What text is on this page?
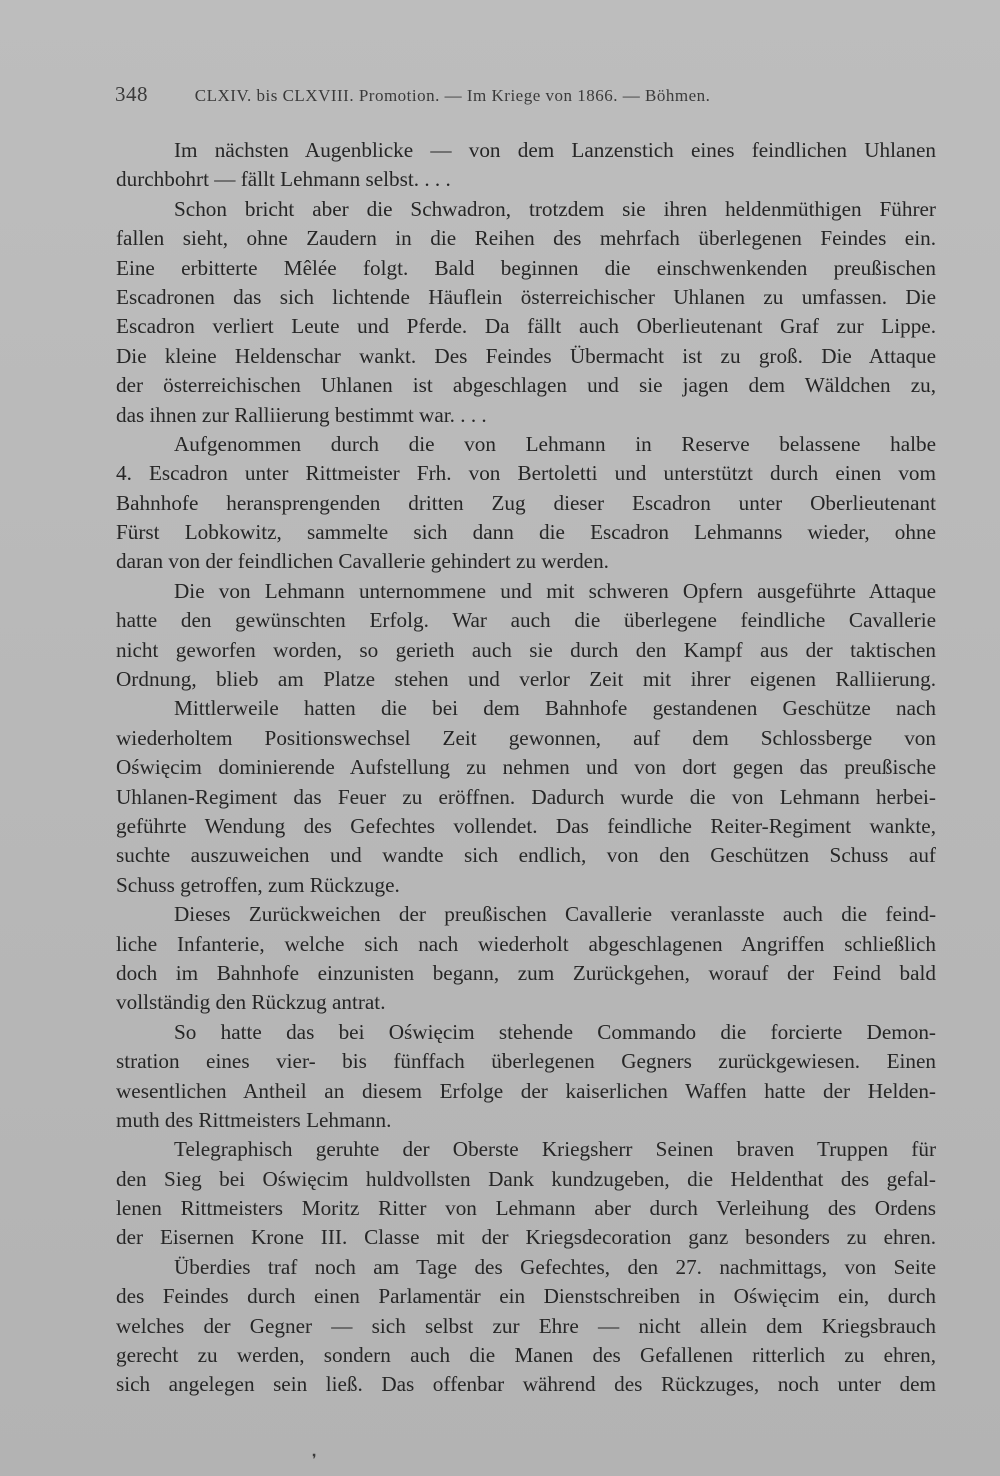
348	CLXIV. bis CLXVIII. Promotion. — Im Kriege von 1866. — Böhmen.
Im nächsten Augenblicke — von dem Lanzenstich eines feindlichen Uhlanen
durchbohrt — fällt Lehmann selbst. . . .
Schon bricht aber die Schwadron, trotzdem sie ihren heldenmüthigen Führer
fallen sieht, ohne Zaudern in die Reihen des mehrfach überlegenen Feindes ein.
Eine erbitterte Mêlée folgt. Bald beginnen die einschwenkenden preußischen
Escadronen das sich lichtende Häuflein österreichischer Uhlanen zu umfassen. Die
Escadron verliert Leute und Pferde. Da fällt auch Oberlieutenant Graf zur Lippe.
Die kleine Heldenschar wankt. Des Feindes Übermacht ist zu groß. Die Attaque
der österreichischen Uhlanen ist abgeschlagen und sie jagen dem Wäldchen zu,
das ihnen zur Ralliierung bestimmt war. . . .
Aufgenommen durch die von Lehmann in Reserve belassene halbe
4. Escadron unter Rittmeister Frh. von Bertoletti und unterstützt durch einen vom
Bahnhofe heransprengenden dritten Zug dieser Escadron unter Oberlieutenant
Fürst Lobkowitz, sammelte sich dann die Escadron Lehmanns wieder, ohne
daran von der feindlichen Cavallerie gehindert zu werden.
Die von Lehmann unternommene und mit schweren Opfern ausgeführte Attaque
hatte den gewünschten Erfolg. War auch die überlegene feindliche Cavallerie
nicht geworfen worden, so gerieth auch sie durch den Kampf aus der taktischen
Ordnung, blieb am Platze stehen und verlor Zeit mit ihrer eigenen Ralliierung.
Mittlerweile hatten die bei dem Bahnhofe gestandenen Geschütze nach
wiederholtem Positionswechsel Zeit gewonnen, auf dem Schlossberge von
Oświęcim dominierende Aufstellung zu nehmen und von dort gegen das preußische
Uhlanen-Regiment das Feuer zu eröffnen. Dadurch wurde die von Lehmann herbei-
geführte Wendung des Gefechtes vollendet. Das feindliche Reiter-Regiment wankte,
suchte auszuweichen und wandte sich endlich, von den Geschützen Schuss auf
Schuss getroffen, zum Rückzuge.
Dieses Zurückweichen der preußischen Cavallerie veranlasste auch die feind-
liche Infanterie, welche sich nach wiederholt abgeschlagenen Angriffen schließlich
doch im Bahnhofe einzunisten begann, zum Zurückgehen, worauf der Feind bald
vollständig den Rückzug antrat.
So hatte das bei Oświęcim stehende Commando die forcierte Demon-
stration eines vier- bis fünffach überlegenen Gegners zurückgewiesen. Einen
wesentlichen Antheil an diesem Erfolge der kaiserlichen Waffen hatte der Helden-
muth des Rittmeisters Lehmann.
Telegraphisch geruhte der Oberste Kriegsherr Seinen braven Truppen für
den Sieg bei Oświęcim huldvollsten Dank kundzugeben, die Heldenthat des gefal-
lenen Rittmeisters Moritz Ritter von Lehmann aber durch Verleihung des Ordens
der Eisernen Krone III. Classe mit der Kriegsdecoration ganz besonders zu ehren.
Überdies traf noch am Tage des Gefechtes, den 27. nachmittags, von Seite
des Feindes durch einen Parlamentär ein Dienstschreiben in Oświęcim ein, durch
welches der Gegner — sich selbst zur Ehre — nicht allein dem Kriegsbrauch
gerecht zu werden, sondern auch die Manen des Gefallenen ritterlich zu ehren,
sich angelegen sein ließ. Das offenbar während des Rückzuges, noch unter dem
❜
